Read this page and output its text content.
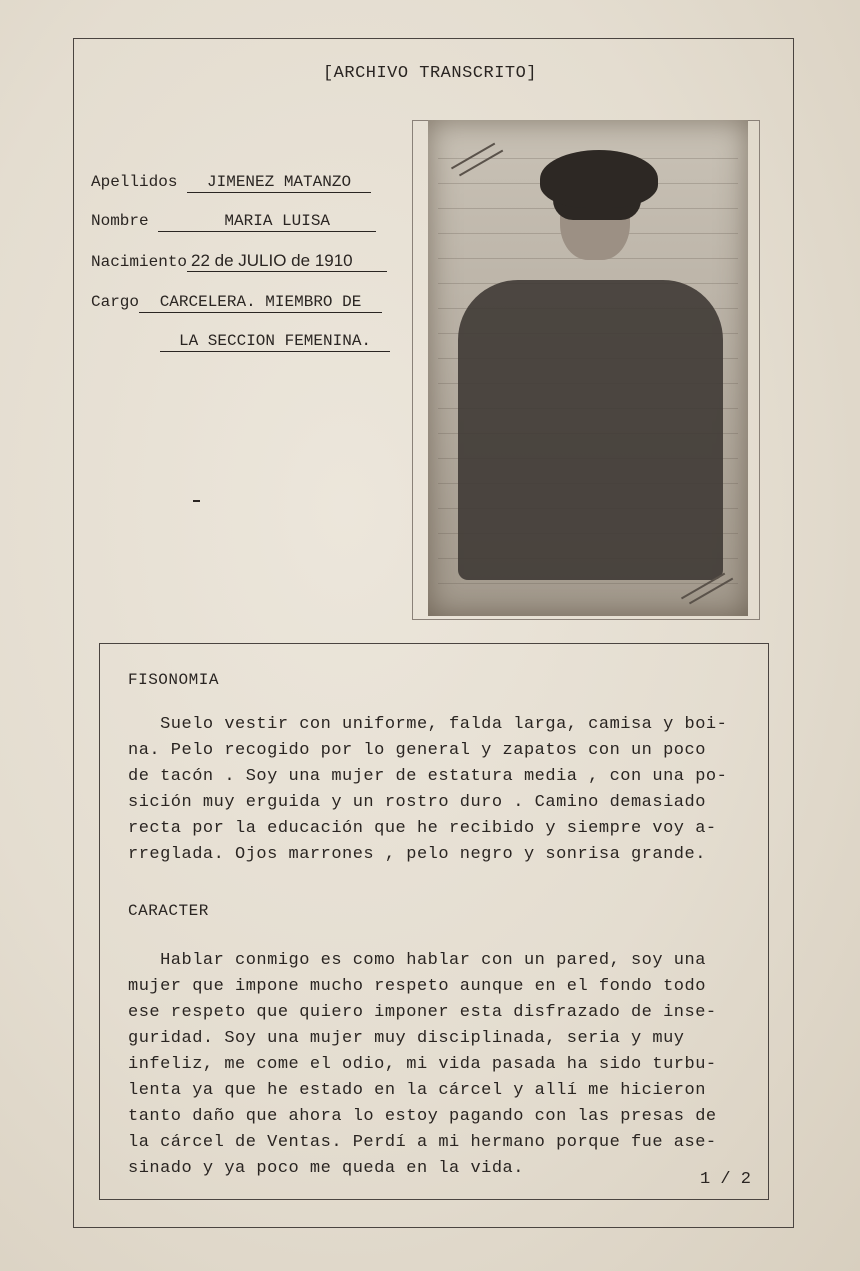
[ARCHIVO TRANSCRITO]
Apellidos JIMENEZ MATANZO
Nombre	MARIA LUISA
Nacimiento 22 de JULIO de 1910
Cargo CARCELERA. MIEMBRO DE
LA SECCION FEMENINA.
FISONOMIA
Suelo vestir con uniforme, falda larga, camisa y boi-
na. Pelo recogido por lo general y zapatos con un poco
de tacón . Soy una mujer de estatura media , con una po-
sición muy erguida y un rostro duro . Camino demasiado
recta por la educación que he recibido y siempre voy a-
rreglada. Ojos marrones , pelo negro y sonrisa grande.
CARACTER
Hablar conmigo es como hablar con un pared, soy una
mujer que impone mucho respeto aunque en el fondo todo
ese respeto que quiero imponer esta disfrazado de inse-
guridad. Soy una mujer muy disciplinada, seria y muy
infeliz, me come el odio, mi vida pasada ha sido turbu-
lenta ya que he estado en la cárcel y allí me hicieron
tanto daño que ahora lo estoy pagando con las presas de
la cárcel de Ventas. Perdí a mi hermano porque fue ase-
sinado y ya poco me queda en la vida.
1 / 2
